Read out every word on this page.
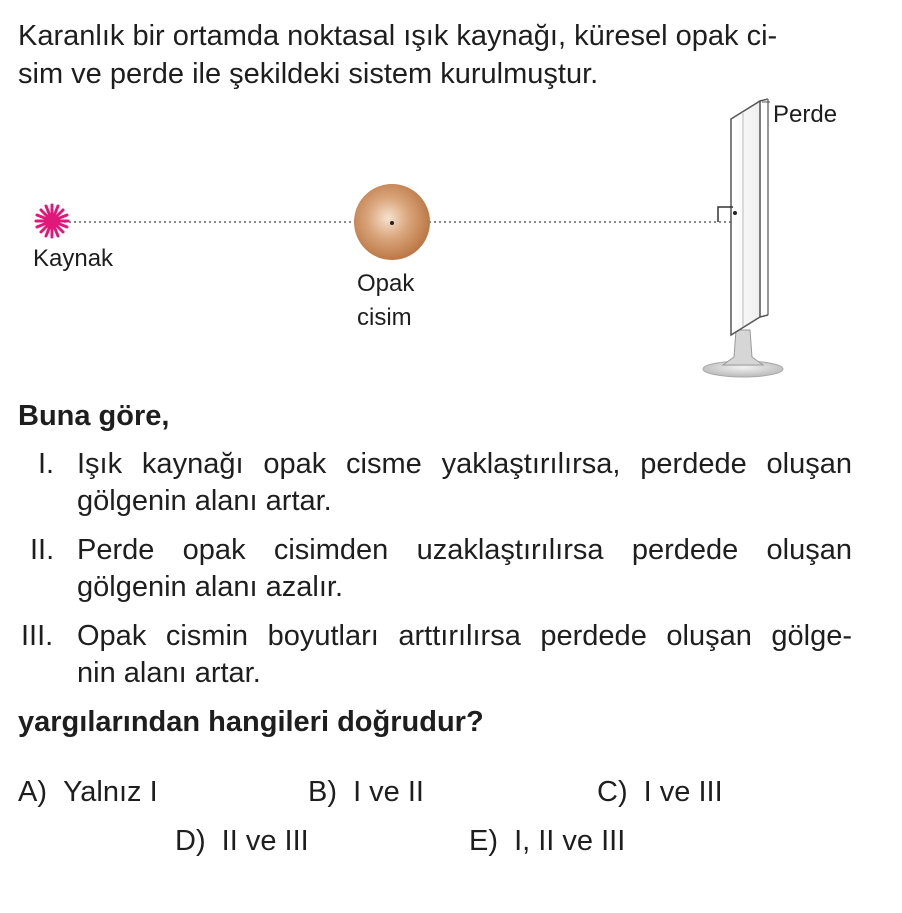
Karanlık bir ortamda noktasal ışık kaynağı, küresel opak ci-
sim ve perde ile şekildeki sistem kurulmuştur.
Kaynak
Opak
cisim
Perde
Buna göre,
I. Işık kaynağı opak cisme yaklaştırılırsa, perdede oluşan
gölgenin alanı artar.
II. Perde opak cisimden uzaklaştırılırsa perdede oluşan
gölgenin alanı azalır.
III. Opak cismin boyutları arttırılırsa perdede oluşan gölge-
nin alanı artar.
yargılarından hangileri doğrudur?
A) Yalnız I	B) I ve II	C) I ve III
D) II ve III	E) I, II ve III
